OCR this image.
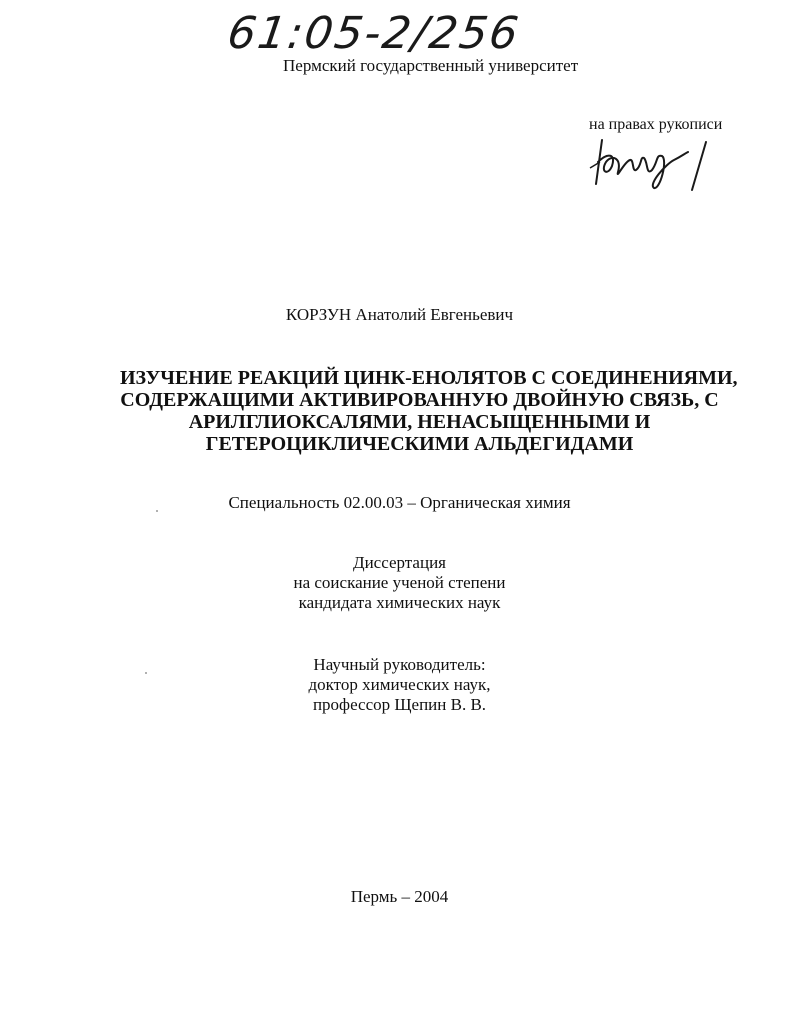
61:05-2/256
Пермский государственный университет
на правах рукописи
КОРЗУН Анатолий Евгеньевич
ИЗУЧЕНИЕ РЕАКЦИЙ ЦИНК-ЕНОЛЯТОВ С СОЕДИНЕНИЯМИ,
СОДЕРЖАЩИМИ АКТИВИРОВАННУЮ ДВОЙНУЮ СВЯЗЬ, С
АРИЛГЛИОКСАЛЯМИ, НЕНАСЫЩЕННЫМИ И
ГЕТЕРОЦИКЛИЧЕСКИМИ АЛЬДЕГИДАМИ
Специальность 02.00.03 – Органическая химия
Диссертация
на соискание ученой степени
кандидата химических наук
Научный руководитель:
доктор химических наук,
профессор Щепин В. В.
Пермь – 2004
